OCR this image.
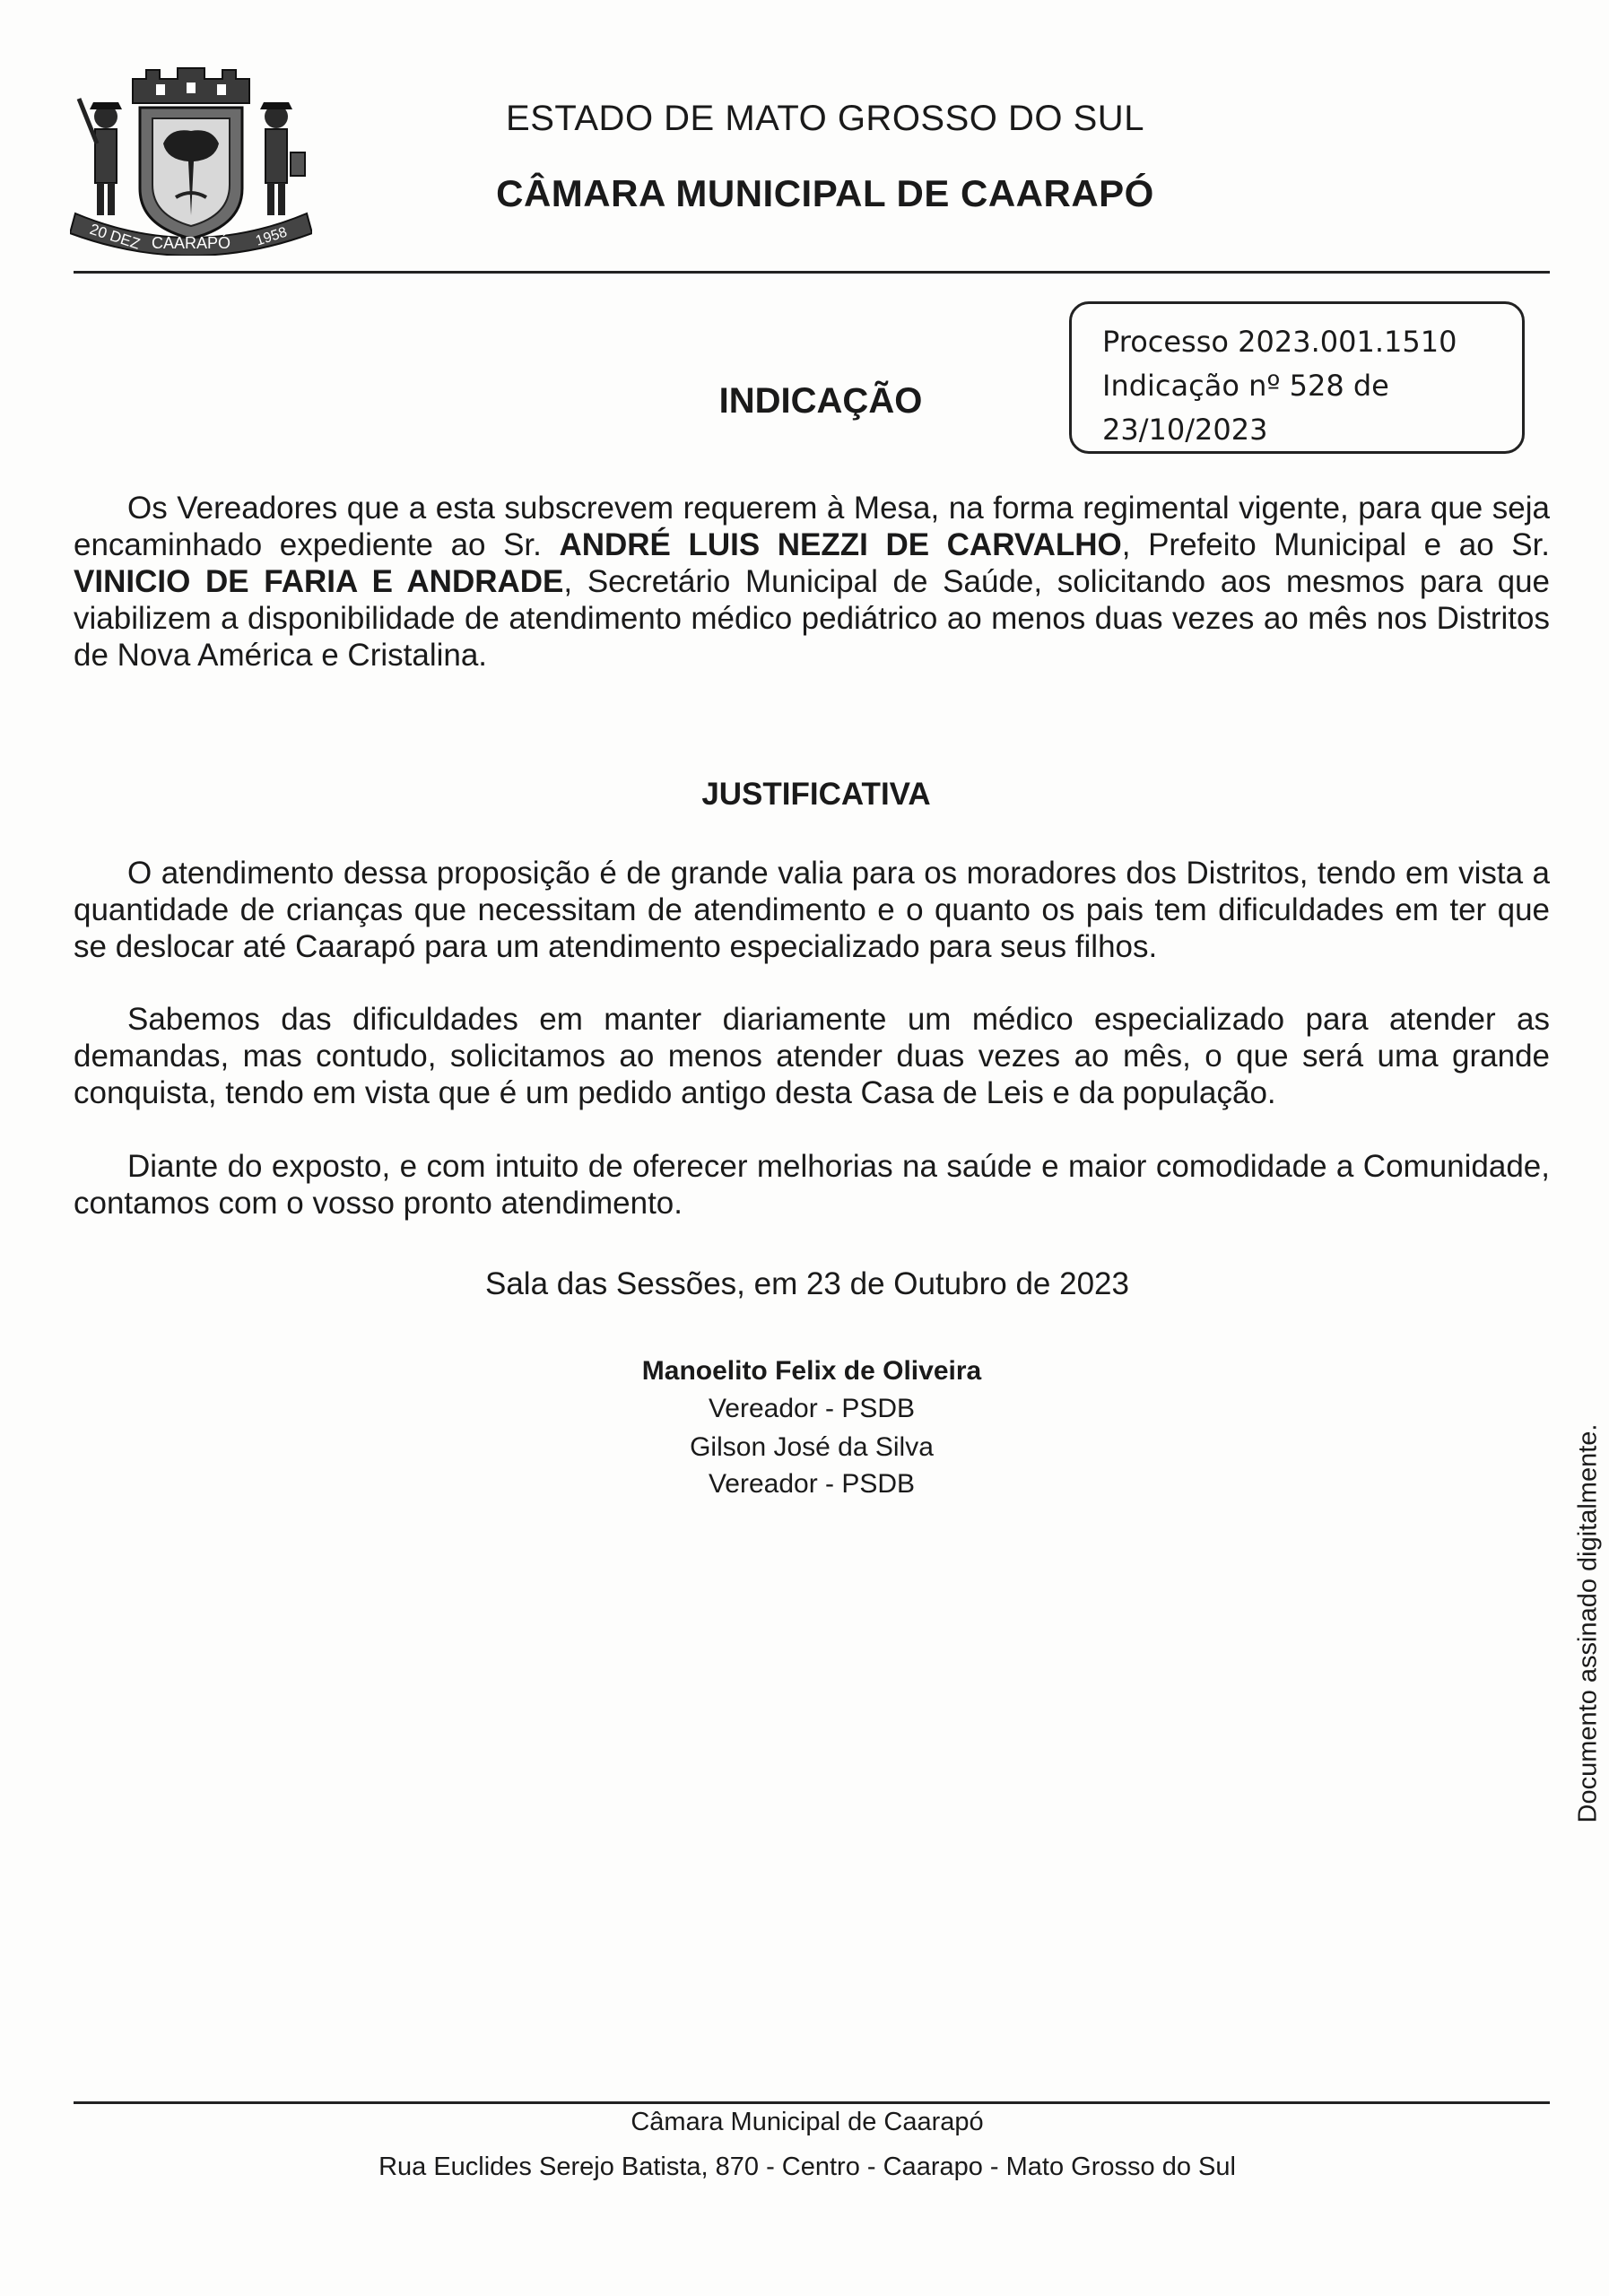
20 DEZ CAARAPÓ 1958
ESTADO DE MATO GROSSO DO SUL
CÂMARA MUNICIPAL DE CAARAPÓ
Processo 2023.001.1510
Indicação nº 528 de
23/10/2023
INDICAÇÃO
Os Vereadores que a esta subscrevem requerem à Mesa, na forma regimental vigente, para que seja encaminhado expediente ao Sr. ANDRÉ LUIS NEZZI DE CARVALHO, Prefeito Municipal e ao Sr. VINICIO DE FARIA E ANDRADE, Secretário Municipal de Saúde, solicitando aos mesmos para que viabilizem a disponibilidade de atendimento médico pediátrico ao menos duas vezes ao mês nos Distritos de Nova América e Cristalina.
JUSTIFICATIVA
O atendimento dessa proposição é de grande valia para os moradores dos Distritos, tendo em vista a quantidade de crianças que necessitam de atendimento e o quanto os pais tem dificuldades em ter que se deslocar até Caarapó para um atendimento especializado para seus filhos.
Sabemos das dificuldades em manter diariamente um médico especializado para atender as demandas, mas contudo, solicitamos ao menos atender duas vezes ao mês, o que será uma grande conquista, tendo em vista que é um pedido antigo desta Casa de Leis e da população.
Diante do exposto, e com intuito de oferecer melhorias na saúde e maior comodidade a Comunidade, contamos com o vosso pronto atendimento.
Sala das Sessões, em 23 de Outubro de 2023
Manoelito Felix de Oliveira
Vereador - PSDB
Gilson José da Silva
Vereador - PSDB	Documento assinado digitalmente.
Câmara Municipal de Caarapó
Rua Euclides Serejo Batista, 870 - Centro - Caarapo - Mato Grosso do Sul
